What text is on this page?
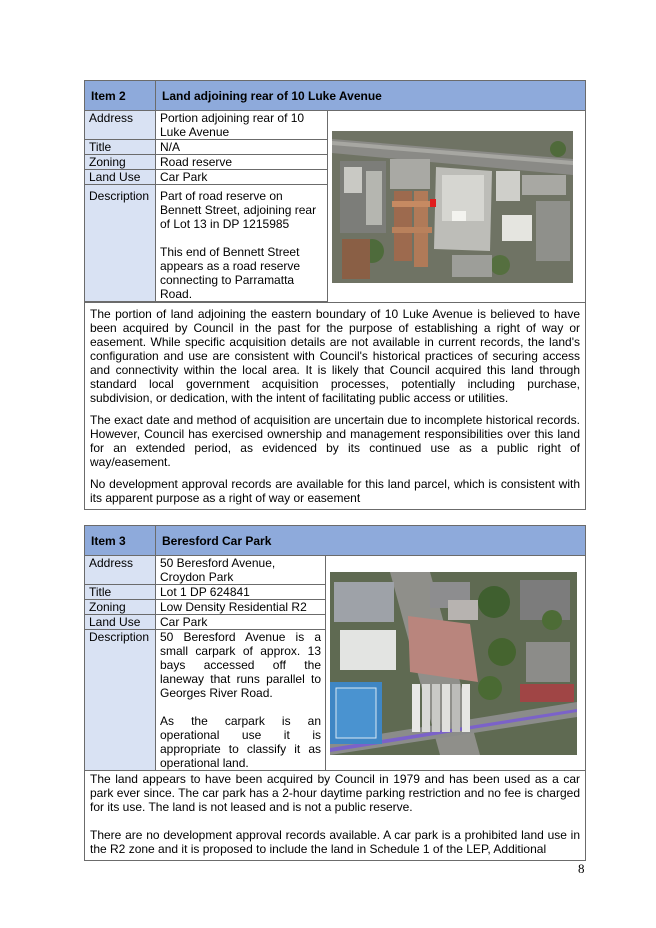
Item 2	Land adjoining rear of 10 Luke Avenue	
Address	Portion adjoining rear of 10 Luke Avenue	

Title	N/A	
Zoning	Road reserve	
Land Use	Car Park	
Description	Part of road reserve on Bennett Street, adjoining rear of Lot 13 in DP 1215985
This end of Bennett Street appears as a road reserve connecting to Parramatta Road.	

The portion of land adjoining the eastern boundary of 10 Luke Avenue is believed to have been acquired by Council in the past for the purpose of establishing a right of way or easement. While specific acquisition details are not available in current records, the land's configuration and use are consistent with Council's historical practices of securing access and connectivity within the local area. It is likely that Council acquired this land through standard local government acquisition processes, potentially including purchase, subdivision, or dedication, with the intent of facilitating public access or utilities.

The exact date and method of acquisition are uncertain due to incomplete historical records. However, Council has exercised ownership and management responsibilities over this land for an extended period, as evidenced by its continued use as a public right of way/easement.

No development approval records are available for this land parcel, which is consistent with its apparent purpose as a right of way or easement		

Item 3	Beresford Car Park	
Address	50 Beresford Avenue, Croydon Park	

Title	Lot 1 DP 624841	
Zoning	Low Density Residential R2	
Land Use	Car Park	
Description	50 Beresford Avenue is a small carpark of approx. 13 bays accessed off the laneway that runs parallel to Georges River Road.
As the carpark is an operational use it is appropriate to classify it as operational land.	

The land appears to have been acquired by Council in 1979 and has been used as a car park ever since. The car park has a 2-hour daytime parking restriction and no fee is charged for its use. The land is not leased and is not a public reserve.

There are no development approval records available. A car park is a prohibited land use in the R2 zone and it is proposed to include the land in Schedule 1 of the LEP, Additional		

8
